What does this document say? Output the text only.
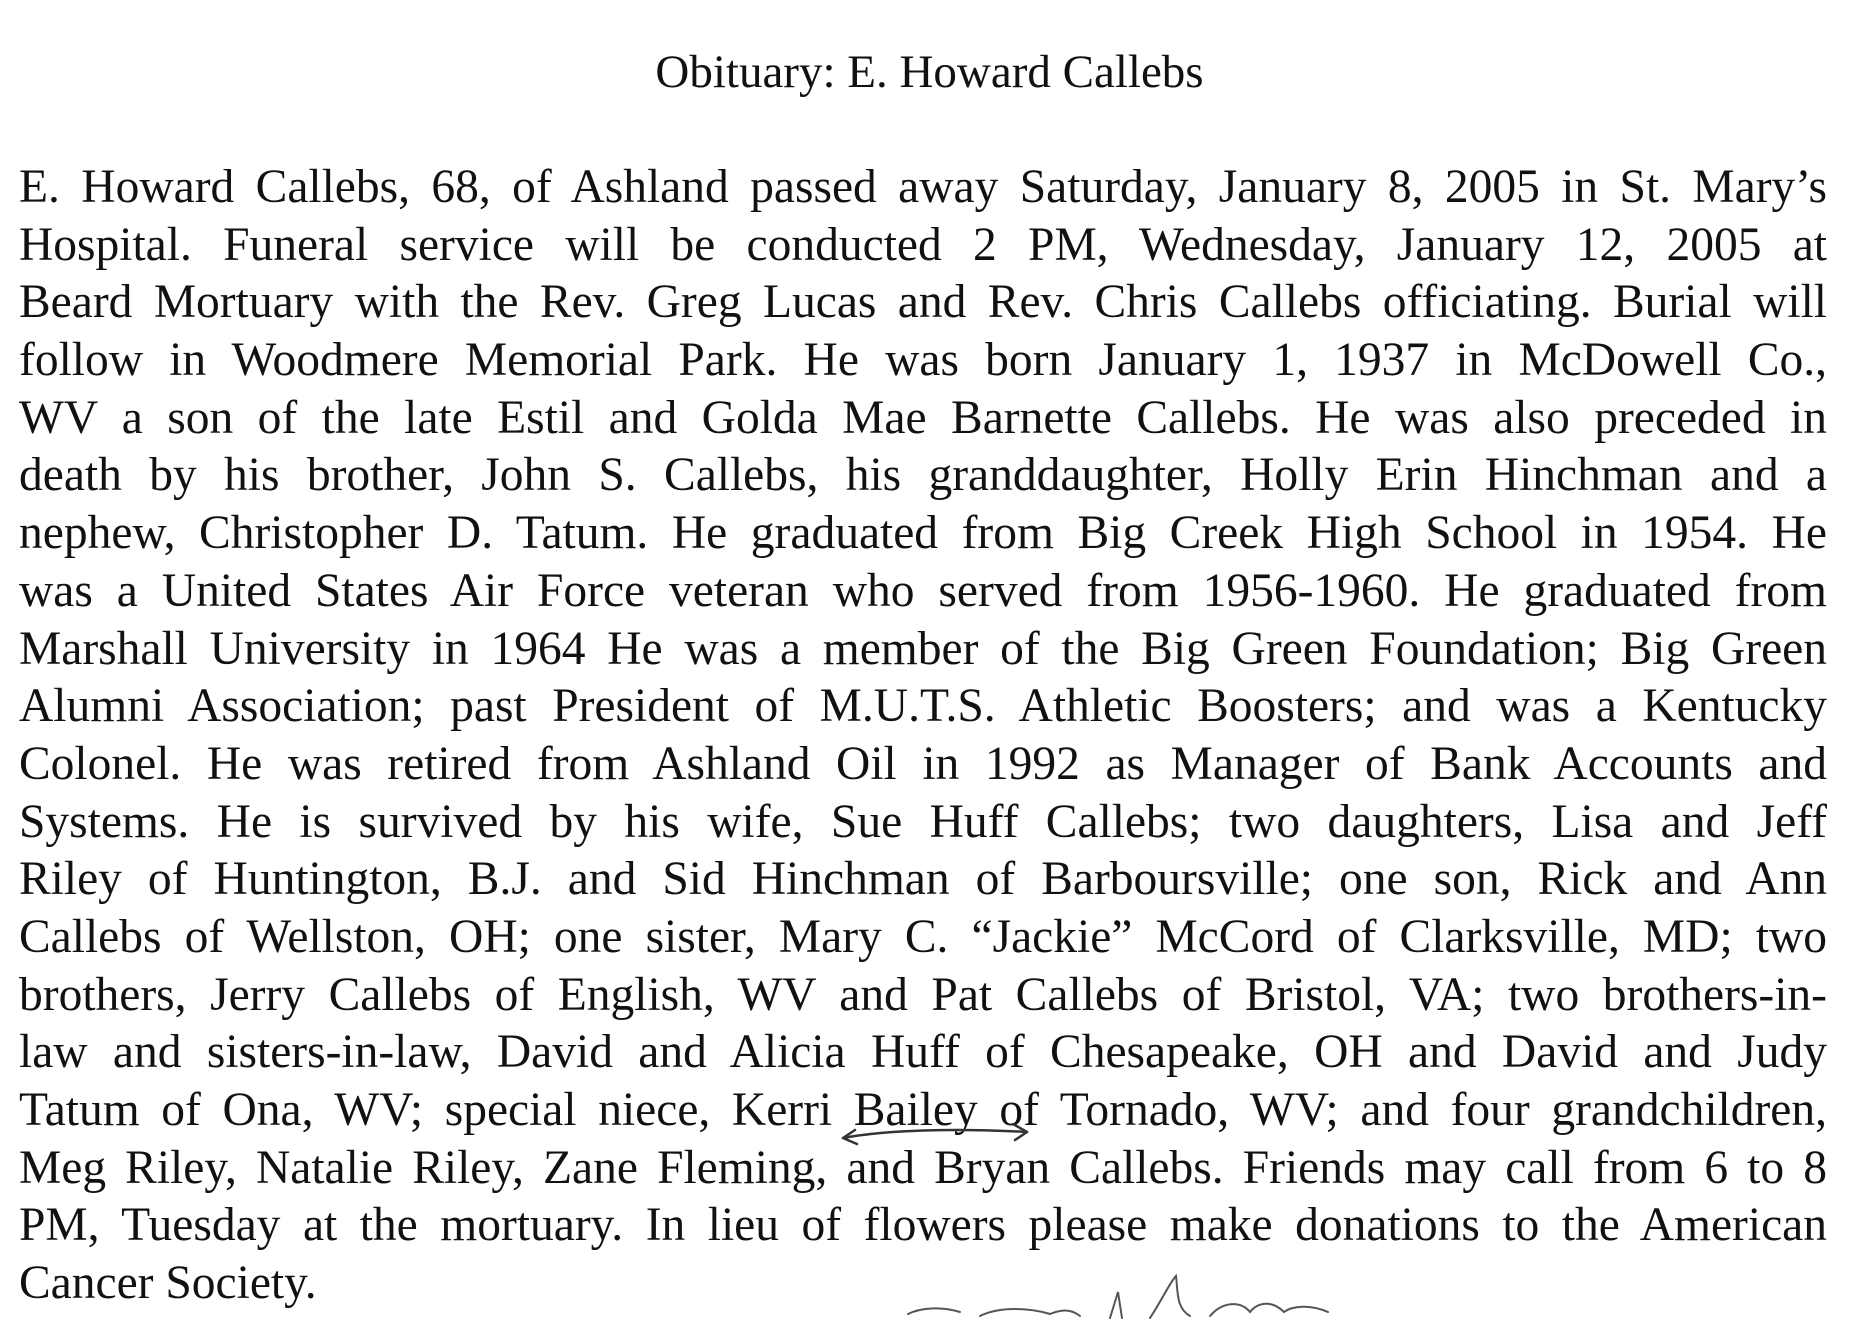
Obituary: E. Howard Callebs
E. Howard Callebs, 68, of Ashland passed away Saturday, January 8, 2005 in St. Mary’s
Hospital. Funeral service will be conducted 2 PM, Wednesday, January 12, 2005 at
Beard Mortuary with the Rev. Greg Lucas and Rev. Chris Callebs officiating. Burial will
follow in Woodmere Memorial Park. He was born January 1, 1937 in McDowell Co.,
WV a son of the late Estil and Golda Mae Barnette Callebs. He was also preceded in
death by his brother, John S. Callebs, his granddaughter, Holly Erin Hinchman and a
nephew, Christopher D. Tatum. He graduated from Big Creek High School in 1954. He
was a United States Air Force veteran who served from 1956-1960. He graduated from
Marshall University in 1964 He was a member of the Big Green Foundation; Big Green
Alumni Association; past President of M.U.T.S. Athletic Boosters; and was a Kentucky
Colonel. He was retired from Ashland Oil in 1992 as Manager of Bank Accounts and
Systems. He is survived by his wife, Sue Huff Callebs; two daughters, Lisa and Jeff
Riley of Huntington, B.J. and Sid Hinchman of Barboursville; one son, Rick and Ann
Callebs of Wellston, OH; one sister, Mary C. “Jackie” McCord of Clarksville, MD; two
brothers, Jerry Callebs of English, WV and Pat Callebs of Bristol, VA; two brothers-in-
law and sisters-in-law, David and Alicia Huff of Chesapeake, OH and David and Judy
Tatum of Ona, WV; special niece, Kerri Bailey of Tornado, WV; and four grandchildren,
Meg Riley, Natalie Riley, Zane Fleming, and Bryan Callebs. Friends may call from 6 to 8
PM, Tuesday at the mortuary. In lieu of flowers please make donations to the American
Cancer Society.
